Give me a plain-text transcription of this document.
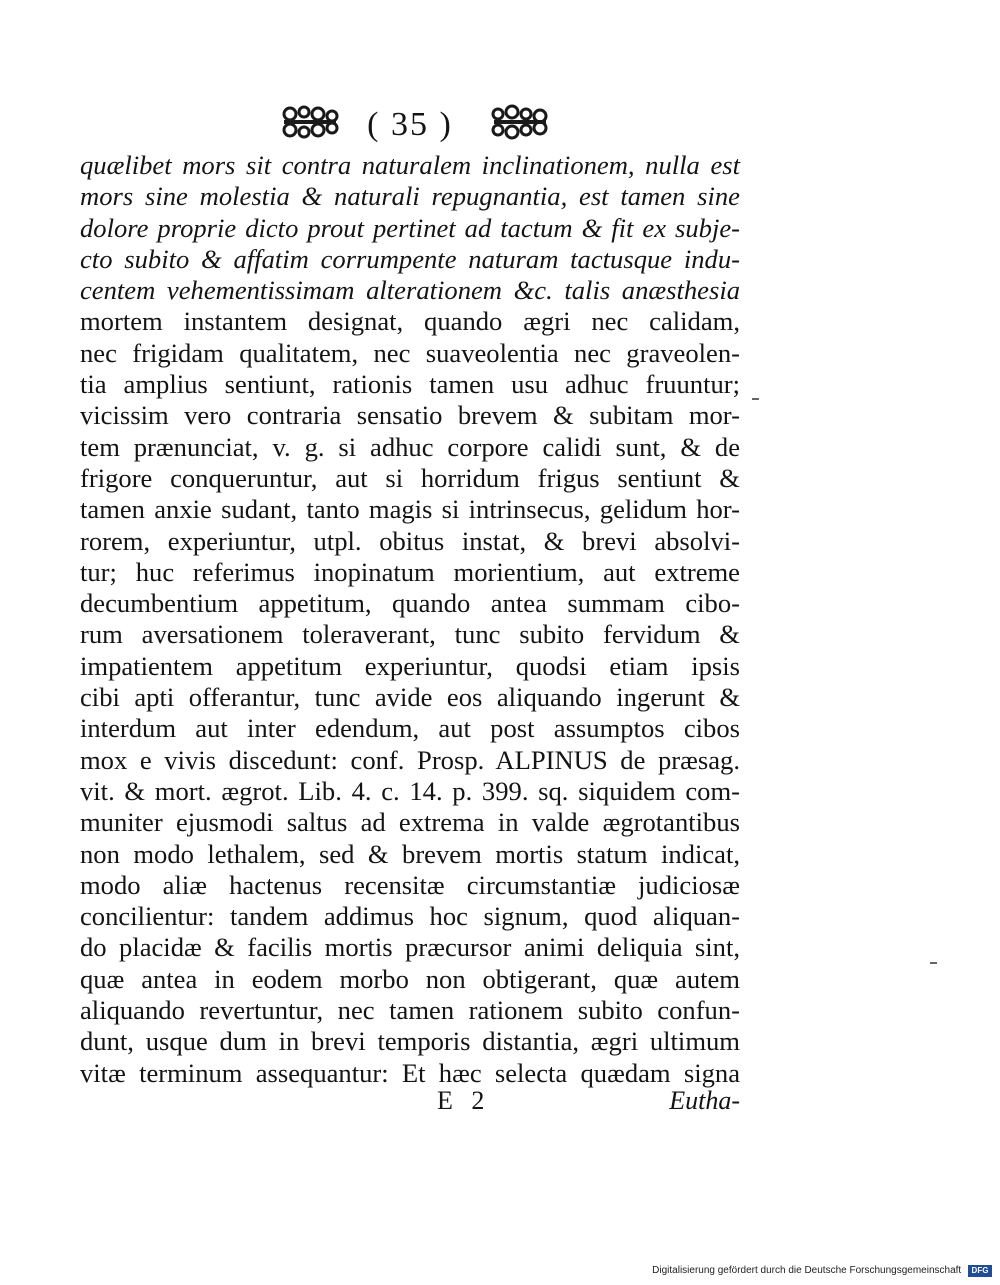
( 35 )
quælibet mors sit contra naturalem inclinationem, nulla est
mors sine molestia & naturali repugnantia, est tamen sine
dolore proprie dicto prout pertinet ad tactum & fit ex subje-
cto subito & affatim corrumpente naturam tactusque indu-
centem vehementissimam alterationem &c. talis anæsthesia
mortem instantem designat, quando ægri nec calidam,
nec frigidam qualitatem, nec suaveolentia nec graveolen-
tia amplius sentiunt, rationis tamen usu adhuc fruuntur;
vicissim vero contraria sensatio brevem & subitam mor-
tem prænunciat, v. g. si adhuc corpore calidi sunt, & de
frigore conqueruntur, aut si horridum frigus sentiunt &
tamen anxie sudant, tanto magis si intrinsecus, gelidum hor-
rorem, experiuntur, utpl. obitus instat, & brevi absolvi-
tur; huc referimus inopinatum morientium, aut extreme
decumbentium appetitum, quando antea summam cibo-
rum aversationem toleraverant, tunc subito fervidum &
impatientem appetitum experiuntur, quodsi etiam ipsis
cibi apti offerantur, tunc avide eos aliquando ingerunt &
interdum aut inter edendum, aut post assumptos cibos
mox e vivis discedunt: conf. Prosp. ALPINUS de præsag.
vit. & mort. ægrot. Lib. 4. c. 14. p. 399. sq. siquidem com-
muniter ejusmodi saltus ad extrema in valde ægrotantibus
non modo lethalem, sed & brevem mortis statum indicat,
modo aliæ hactenus recensitæ circumstantiæ judiciosæ
concilientur: tandem addimus hoc signum, quod aliquan-
do placidæ & facilis mortis præcursor animi deliquia sint,
quæ antea in eodem morbo non obtigerant, quæ autem
aliquando revertuntur, nec tamen rationem subito confun-
dunt, usque dum in brevi temporis distantia, ægri ultimum
vitæ terminum assequantur: Et hæc selecta quædam signa
E 2	Eutha-
Digitalisierung gefördert durch die Deutsche Forschungsgemeinschaft DFG
